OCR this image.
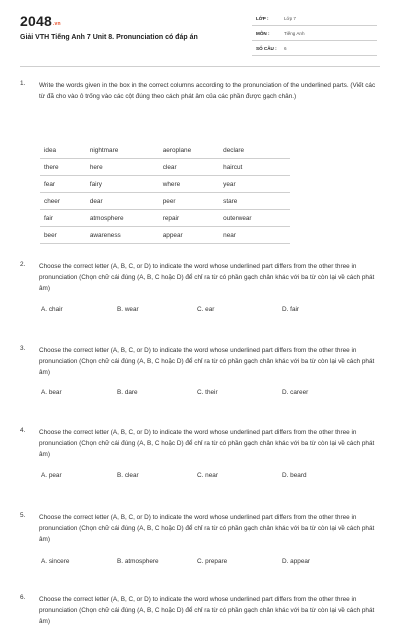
2048.vn
Giải VTH Tiếng Anh 7 Unit 8. Pronunciation có đáp án
LỚP :	Lớp 7
MÔN :	Tiếng Anh
SỐ CÂU : 6
1. Write the words given in the box in the correct columns according to the pronunciation of the underlined parts. (Viết các từ đã cho vào ô trống vào các cột đúng theo cách phát âm của các phần được gạch chân.)

idea	nightmare	aeroplane	declare
there	here	clear	haircut
fear	fairy	where	year
cheer	dear	peer	stare
fair	atmosphere	repair	outerwear
beer	awareness	appear	near
2. Choose the correct letter (A, B, C, or D) to indicate the word whose underlined part differs from the other three in pronunciation (Chọn chữ cái đúng (A, B, C hoặc D) để chỉ ra từ có phần gạch chân khác với ba từ còn lại về cách phát âm)

A. chair	B. wear	C. ear	D. fair
3. Choose the correct letter (A, B, C, or D) to indicate the word whose underlined part differs from the other three in pronunciation (Chọn chữ cái đúng (A, B, C hoặc D) để chỉ ra từ có phần gạch chân khác với ba từ còn lại về cách phát âm)

A. bear	B. dare	C. their	D. career
4. Choose the correct letter (A, B, C, or D) to indicate the word whose underlined part differs from the other three in pronunciation (Chọn chữ cái đúng (A, B, C hoặc D) để chỉ ra từ có phần gạch chân khác với ba từ còn lại về cách phát âm)

A. pear	B. clear	C. near	D. beard
5. Choose the correct letter (A, B, C, or D) to indicate the word whose underlined part differs from the other three in pronunciation (Chọn chữ cái đúng (A, B, C hoặc D) để chỉ ra từ có phần gạch chân khác với ba từ còn lại về cách phát âm)

A. sincere	B. atmosphere	C. prepare	D. appear
6. Choose the correct letter (A, B, C, or D) to indicate the word whose underlined part differs from the other three in pronunciation (Chọn chữ cái đúng (A, B, C hoặc D) để chỉ ra từ có phần gạch chân khác với ba từ còn lại về cách phát âm)
